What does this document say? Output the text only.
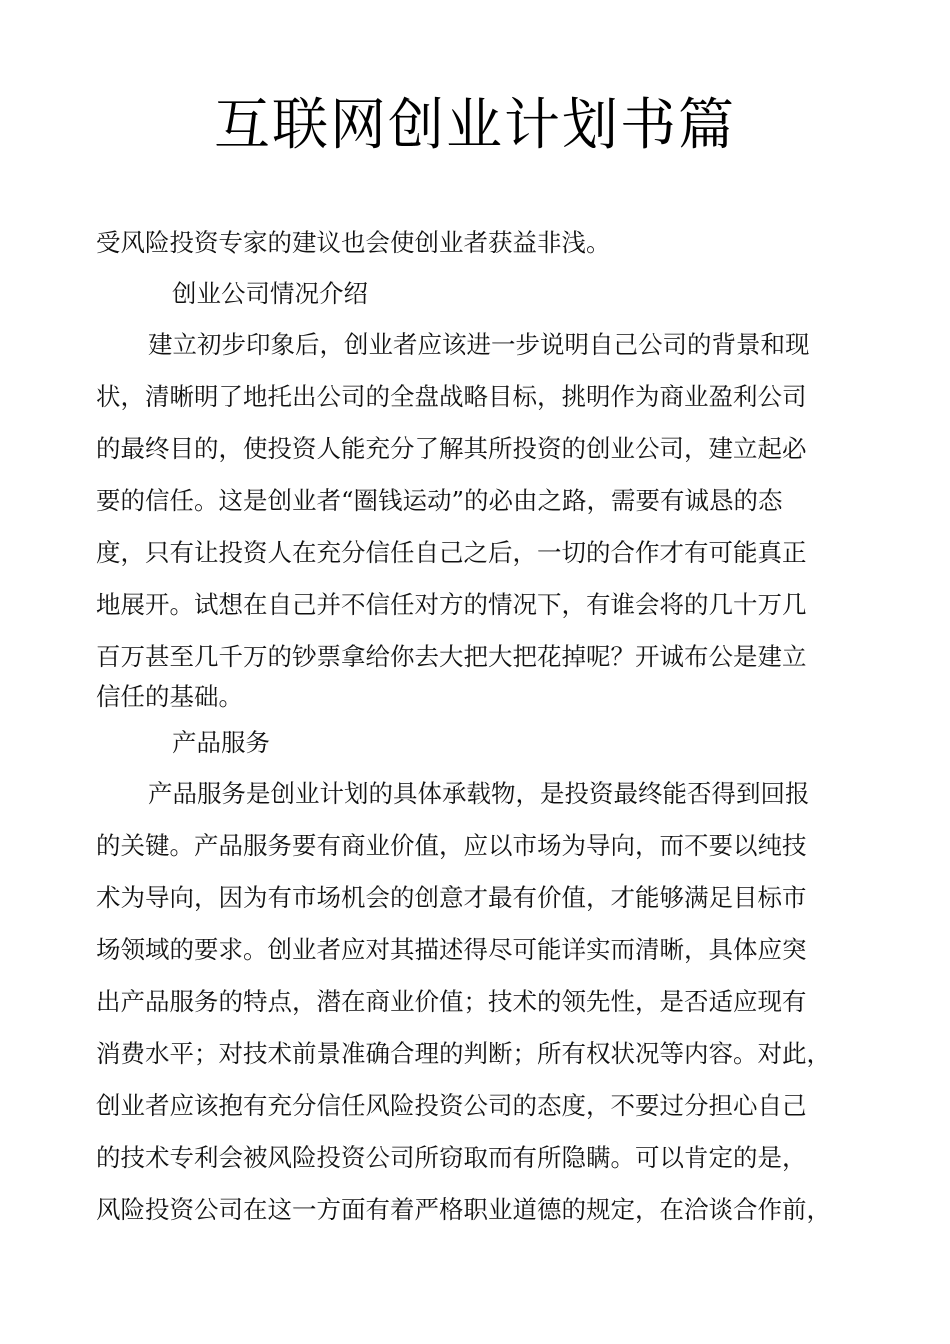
互联网创业计划书篇
受风险投资专家的建议也会使创业者获益非浅。
创业公司情况介绍
建立初步印象后，创业者应该进一步说明自己公司的背景和现
状，清晰明了地托出公司的全盘战略目标，挑明作为商业盈利公司
的最终目的，使投资人能充分了解其所投资的创业公司，建立起必
要的信任。这是创业者“圈钱运动”的必由之路，需要有诚恳的态
度，只有让投资人在充分信任自己之后，一切的合作才有可能真正
地展开。试想在自己并不信任对方的情况下，有谁会将的几十万几
百万甚至几千万的钞票拿给你去大把大把花掉呢？开诚布公是建立
信任的基础。
产品服务
产品服务是创业计划的具体承载物，是投资最终能否得到回报
的关键。产品服务要有商业价值，应以市场为导向，而不要以纯技
术为导向，因为有市场机会的创意才最有价值，才能够满足目标市
场领域的要求。创业者应对其描述得尽可能详实而清晰，具体应突
出产品服务的特点，潜在商业价值；技术的领先性，是否适应现有
消费水平；对技术前景准确合理的判断；所有权状况等内容。对此，
创业者应该抱有充分信任风险投资公司的态度，不要过分担心自己
的技术专利会被风险投资公司所窃取而有所隐瞒。可以肯定的是，
风险投资公司在这一方面有着严格职业道德的规定，在洽谈合作前，
